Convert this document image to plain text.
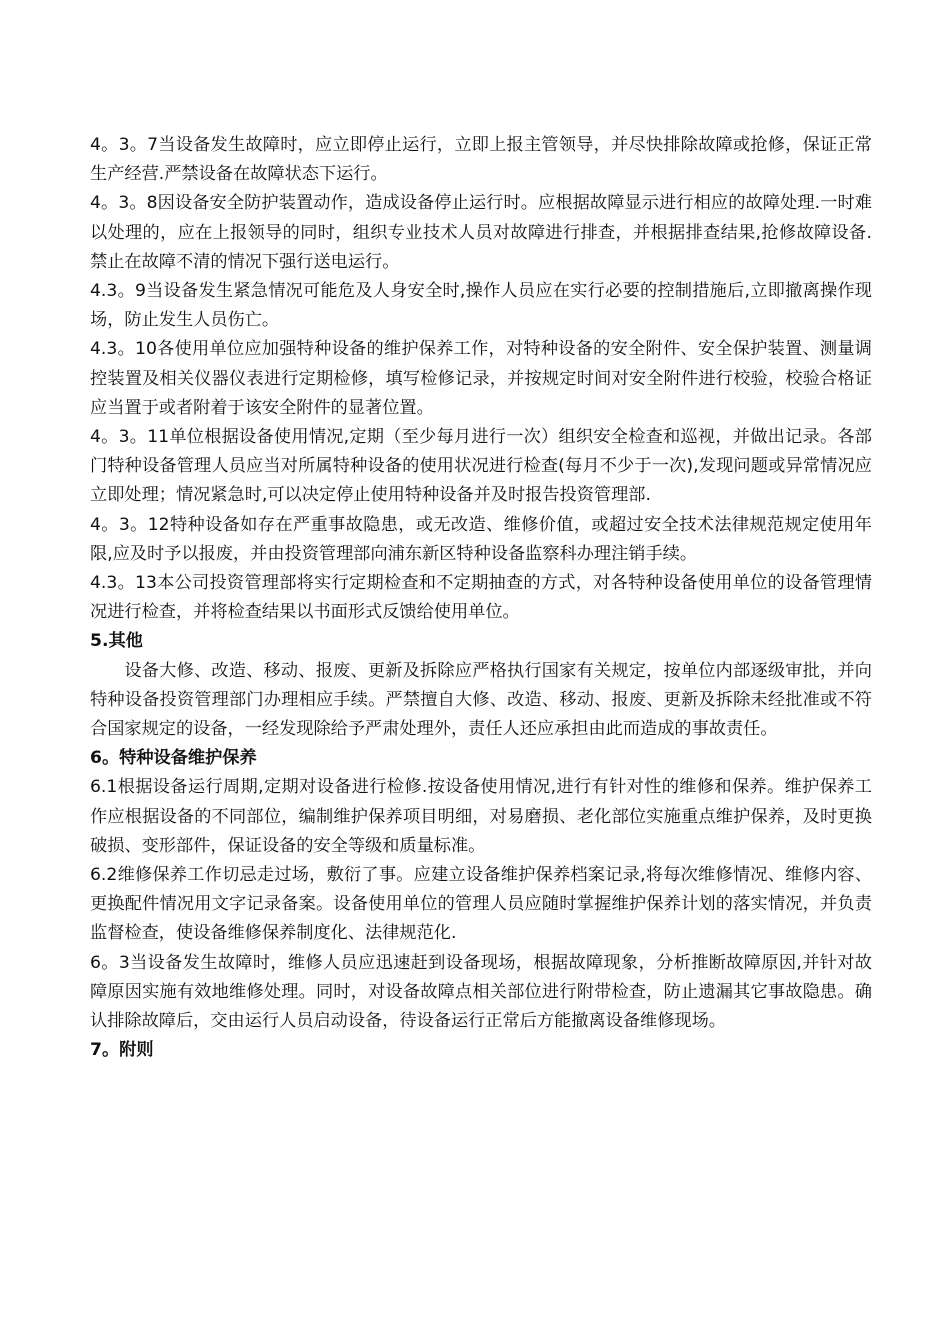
4。3。7当设备发生故障时，应立即停止运行，立即上报主管领导，并尽快排除故障或抢修，保证正常生产经营.严禁设备在故障状态下运行。

4。3。8因设备安全防护装置动作，造成设备停止运行时。应根据故障显示进行相应的故障处理.一时难以处理的，应在上报领导的同时，组织专业技术人员对故障进行排查，并根据排查结果,抢修故障设备.禁止在故障不清的情况下强行送电运行。

4.3。9当设备发生紧急情况可能危及人身安全时,操作人员应在实行必要的控制措施后,立即撤离操作现场，防止发生人员伤亡。

4.3。10各使用单位应加强特种设备的维护保养工作，对特种设备的安全附件、安全保护装置、测量调控装置及相关仪器仪表进行定期检修，填写检修记录，并按规定时间对安全附件进行校验，校验合格证应当置于或者附着于该安全附件的显著位置。

4。3。11单位根据设备使用情况,定期（至少每月进行一次）组织安全检查和巡视，并做出记录。各部门特种设备管理人员应当对所属特种设备的使用状况进行检查(每月不少于一次),发现问题或异常情况应立即处理；情况紧急时,可以决定停止使用特种设备并及时报告投资管理部.

4。3。12特种设备如存在严重事故隐患，或无改造、维修价值，或超过安全技术法律规范规定使用年限,应及时予以报废，并由投资管理部向浦东新区特种设备监察科办理注销手续。

4.3。13本公司投资管理部将实行定期检查和不定期抽查的方式，对各特种设备使用单位的设备管理情况进行检查，并将检查结果以书面形式反馈给使用单位。

5.其他

设备大修、改造、移动、报废、更新及拆除应严格执行国家有关规定，按单位内部逐级审批，并向特种设备投资管理部门办理相应手续。严禁擅自大修、改造、移动、报废、更新及拆除未经批准或不符合国家规定的设备，一经发现除给予严肃处理外，责任人还应承担由此而造成的事故责任。

6。特种设备维护保养

6.1根据设备运行周期,定期对设备进行检修.按设备使用情况,进行有针对性的维修和保养。维护保养工作应根据设备的不同部位，编制维护保养项目明细，对易磨损、老化部位实施重点维护保养，及时更换破损、变形部件，保证设备的安全等级和质量标准。

6.2维修保养工作切忌走过场，敷衍了事。应建立设备维护保养档案记录,将每次维修情况、维修内容、更换配件情况用文字记录备案。设备使用单位的管理人员应随时掌握维护保养计划的落实情况，并负责监督检查，使设备维修保养制度化、法律规范化.

6。3当设备发生故障时，维修人员应迅速赶到设备现场，根据故障现象，分析推断故障原因,并针对故障原因实施有效地维修处理。同时，对设备故障点相关部位进行附带检查，防止遗漏其它事故隐患。确认排除故障后，交由运行人员启动设备，待设备运行正常后方能撤离设备维修现场。

7。附则
